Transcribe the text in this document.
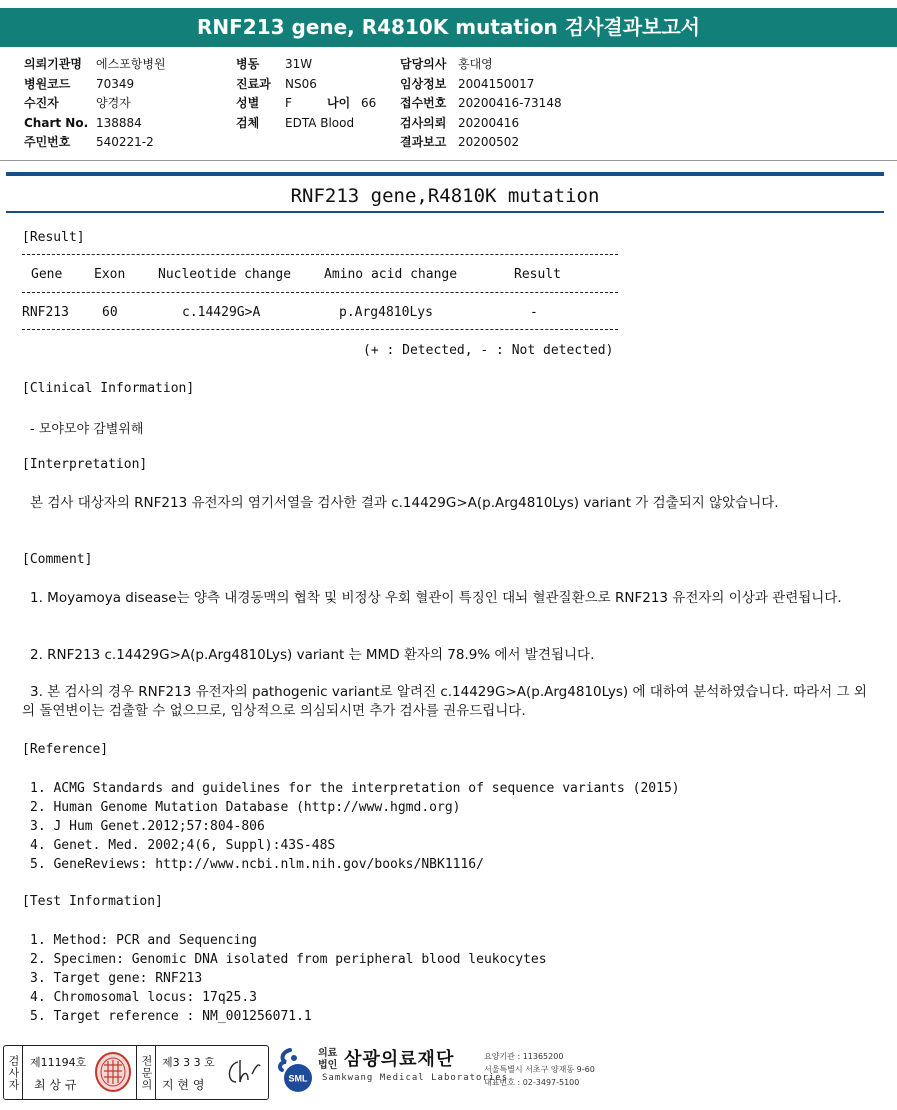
RNF213 gene, R4810K mutation 검사결과보고서
의뢰기관명 에스포항병원
병원코드 70349
수진자	양경자
Chart No. 138884
주민번호 540221-2
병동 31W
진료과 NS06
성별 F	나이 66
검체 EDTA Blood
담당의사 홍대영
임상정보 2004150017
접수번호 20200416-73148
검사의뢰 20200416
결과보고 20200502
RNF213 gene,R4810K mutation
[Result]
Gene Exon	Nucleotide change	Amino acid change	Result
RNF213	60	c.14429G>A	p.Arg4810Lys	-
(+ : Detected, - : Not detected)
[Clinical Information]
- 모야모야 감별위해
[Interpretation]
본 검사 대상자의 RNF213 유전자의 염기서열을 검사한 결과 c.14429G>A(p.Arg4810Lys) variant 가 검출되지 않았습니다.
[Comment]
1. Moyamoya disease는 양측 내경동맥의 협착 및 비정상 우회 혈관이 특징인 대뇌 혈관질환으로 RNF213 유전자의 이상과 관련됩니다.
2. RNF213 c.14429G>A(p.Arg4810Lys) variant 는 MMD 환자의 78.9% 에서 발견됩니다.
3. 본 검사의 경우 RNF213 유전자의 pathogenic variant로 알려진 c.14429G>A(p.Arg4810Lys) 에 대하여 분석하였습니다. 따라서 그 외의 돌연변이는 검출할 수 없으므로, 임상적으로 의심되시면 추가 검사를 권유드립니다.
[Reference]
1. ACMG Standards and guidelines for the interpretation of sequence variants (2015)
2. Human Genome Mutation Database (http://www.hgmd.org)
3. J Hum Genet.2012;57:804-806
4. Genet. Med. 2002;4(6, Suppl):43S-48S
5. GeneReviews: http://www.ncbi.nlm.nih.gov/books/NBK1116/
[Test Information]
1. Method: PCR and Sequencing
2. Specimen: Genomic DNA isolated from peripheral blood leukocytes
3. Target gene: RNF213
4. Chromosomal locus: 17q25.3
5. Target reference : NM_001256071.1
검사자 제11194호
최 상 규	전문의 제3 3 3 호
지 현 영	SML
의료
법인 삼광의료재단
Samkwang Medical Laboratories
요양기관 : 11365200
서울특별시 서초구 양재동 9-60
대표번호 : 02-3497-5100
